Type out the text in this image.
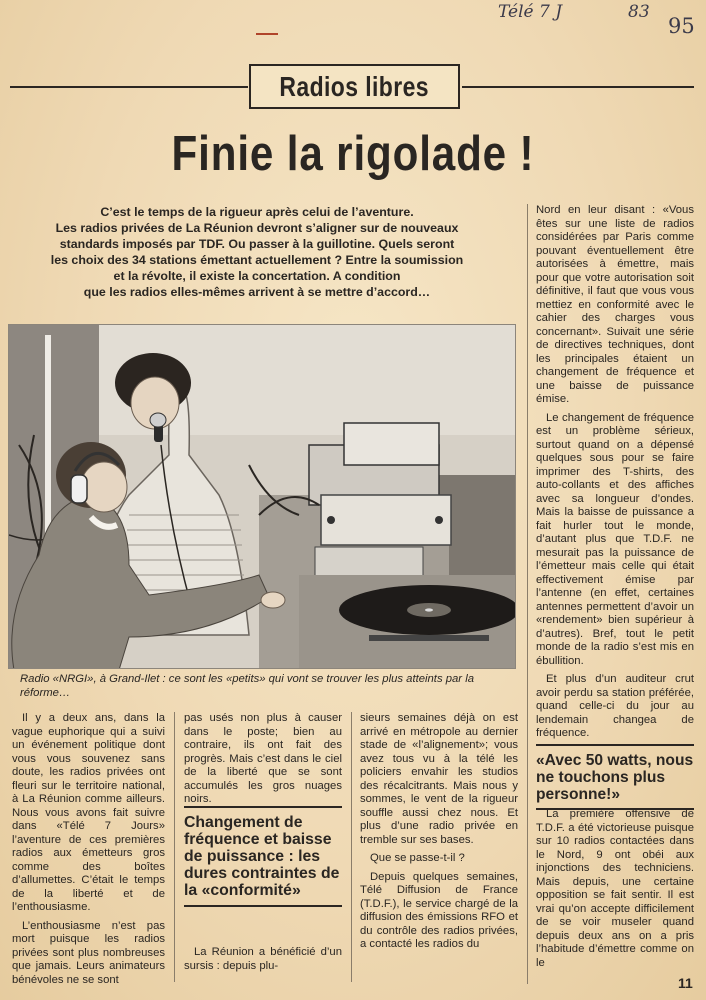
Télé 7 J	83
95
Radios libres
Finie la rigolade !

C’est le temps de la rigueur après celui de l’aventure.

Les radios privées de La Réunion devront s’aligner sur de nouveaux

standards imposés par TDF. Ou passer à la guillotine. Quels seront

les choix des 34 stations émettant actuellement ? Entre la soumission

et la révolte, il existe la concertation. A condition

que les radios elles-mêmes arrivent à se mettre d’accord…

Nord en leur disant : «Vous êtes sur une liste de radios considérées par Paris comme pouvant éventuellement être autorisées à émettre, mais pour que votre autorisation soit définitive, il faut que vous vous mettiez en conformité avec le cahier des charges vous concernant». Suivait une série de directives techniques, dont les principales étaient un changement de fréquence et une baisse de puissance émise.

Le changement de fréquence est un problème sérieux, surtout quand on a dépensé quelques sous pour se faire imprimer des T-shirts, des auto-collants et des affiches avec sa longueur d’ondes. Mais la baisse de puissance a fait hurler tout le monde, d’autant plus que T.D.F. ne mesurait pas la puissance de l’émetteur mais celle qui était effectivement émise par l’antenne (en effet, certaines antennes permettent d’avoir un «rendement» bien supérieur à d’autres). Bref, tout le petit monde de la radio s’est mis en ébullition.

Et plus d’un auditeur crut avoir perdu sa station préférée, quand celle-ci du jour au lendemain changea de fréquence.

Radio «NRGI», à Grand-Ilet : ce sont les «petits» qui vont se trouver les plus atteints par la réforme…

Il y a deux ans, dans la vague euphorique qui a suivi un événement politique dont vous vous souvenez sans doute, les radios privées ont fleuri sur le territoire national, à La Réunion comme ailleurs. Nous vous avons fait suivre dans «Télé 7 Jours» l’aventure de ces premières radios aux émetteurs gros comme des boîtes d’allumettes. C’était le temps de la liberté et de l’enthousiasme.

L’enthousiasme n’est pas mort puisque les radios privées sont plus nombreuses que jamais. Leurs animateurs bénévoles ne se sont

pas usés non plus à causer dans le poste; bien au contraire, ils ont fait des progrès. Mais c’est dans le ciel de la liberté que se sont accumulés les gros nuages noirs.

Changement de fréquence et baisse de puissance : les dures contraintes de la «conformité»

La Réunion a bénéficié d’un sursis : depuis plu-

sieurs semaines déjà on est arrivé en métropole au dernier stade de «l’alignement»; vous avez tous vu à la télé les policiers envahir les studios des récalcitrants. Mais nous y sommes, le vent de la rigueur souffle aussi chez nous. Et plus d’une radio privée en tremble sur ses bases.

Que se passe-t-il ?

Depuis quelques semaines, Télé Diffusion de France (T.D.F.), le service chargé de la diffusion des émissions RFO et du contrôle des radios privées, a contacté les radios du

«Avec 50 watts, nous ne touchons plus personne!»

La première offensive de T.D.F. a été victorieuse puisque sur 10 radios contactées dans le Nord, 9 ont obéi aux injonctions des techniciens. Mais depuis, une certaine opposition se fait sentir. Il est vrai qu’on accepte difficilement de se voir museler quand depuis deux ans on a pris l’habitude d’émettre comme on le

11
